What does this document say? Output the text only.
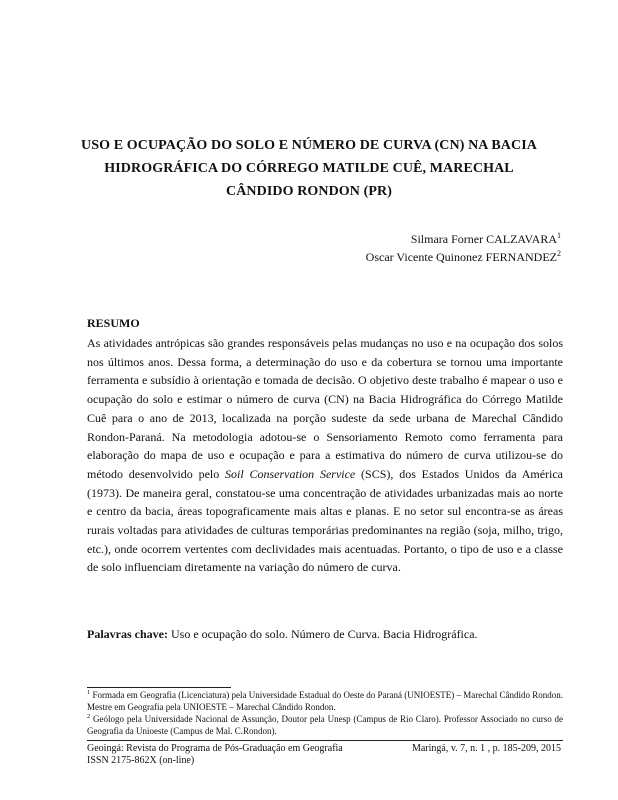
USO E OCUPAÇÃO DO SOLO E NÚMERO DE CURVA (CN) NA BACIA HIDROGRÁFICA DO CÓRREGO MATILDE CUÊ, MARECHAL CÂNDIDO RONDON (PR)
Silmara Forner CALZAVARA$^1$
Oscar Vicente Quinonez FERNANDEZ$^2$
RESUMO

As atividades antrópicas são grandes responsáveis pelas mudanças no uso e na ocupação dos solos nos últimos anos. Dessa forma, a determinação do uso e da cobertura se tornou uma importante ferramenta e subsídio à orientação e tomada de decisão. O objetivo deste trabalho é mapear o uso e ocupação do solo e estimar o número de curva (CN) na Bacia Hidrográfica do Córrego Matilde Cuê para o ano de 2013, localizada na porção sudeste da sede urbana de Marechal Cândido Rondon-Paraná. Na metodologia adotou-se o Sensoriamento Remoto como ferramenta para elaboração do mapa de uso e ocupação e para a estimativa do número de curva utilizou-se do método desenvolvido pelo Soil Conservation Service (SCS), dos Estados Unidos da América (1973). De maneira geral, constatou-se uma concentração de atividades urbanizadas mais ao norte e centro da bacia, áreas topograficamente mais altas e planas. E no setor sul encontra-se as áreas rurais voltadas para atividades de culturas temporárias predominantes na região (soja, milho, trigo, etc.), onde ocorrem vertentes com declividades mais acentuadas. Portanto, o tipo de uso e a classe de solo influenciam diretamente na variação do número de curva.

Palavras chave: Uso e ocupação do solo. Número de Curva. Bacia Hidrográfica.

$^1$ Formada em Geografia (Licenciatura) pela Universidade Estadual do Oeste do Paraná (UNIOESTE) – Marechal Cândido Rondon. Mestre em Geografia pela UNIOESTE – Marechal Cândido Rondon.

$^2$ Geólogo pela Universidade Nacional de Assunção, Doutor pela Unesp (Campus de Rio Claro). Professor Associado no curso de Geografia da Unioeste (Campus de Mal. C.Rondon).

Geoingá: Revista do Programa de Pós-Graduação em Geografia
ISSN 2175-862X (on-line)
Maringá, v. 7, n. 1 , p. 185-209, 2015
